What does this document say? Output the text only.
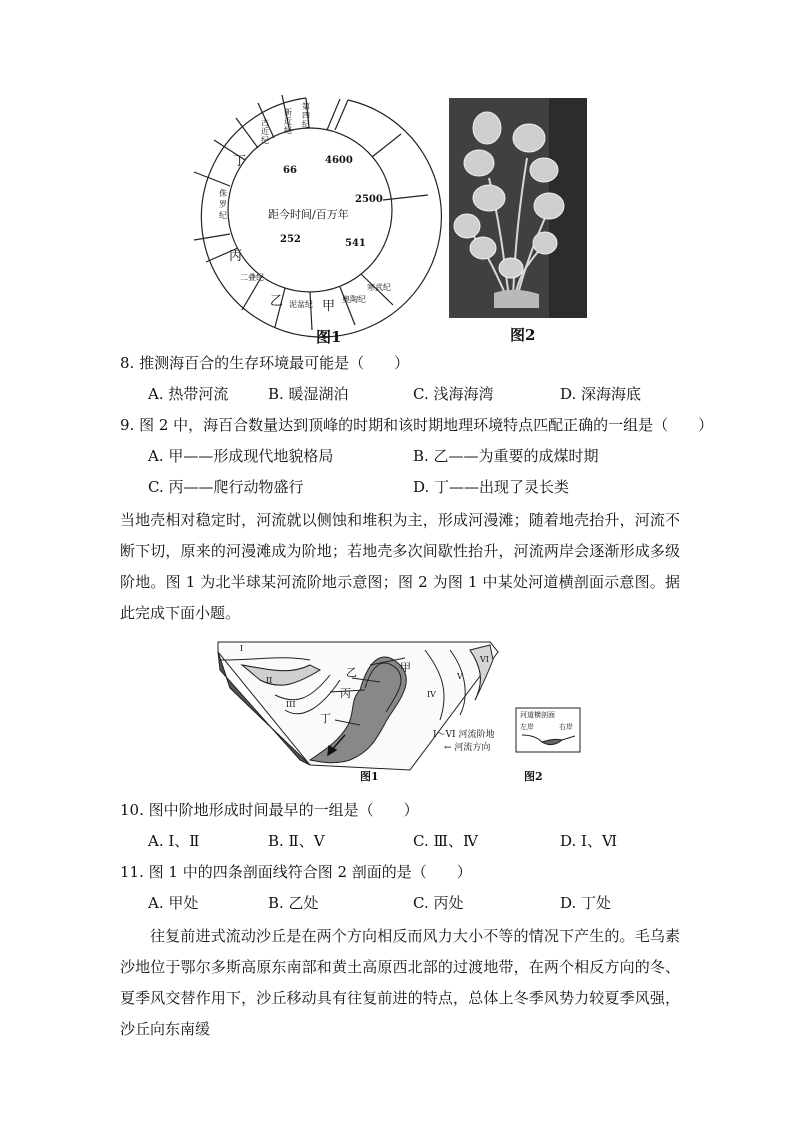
4600
2500
541
252
66
距今时间/百万年
第四纪
新近纪
古近纪
丁
侏罗纪
丙
二叠纪
乙 泥盆纪 甲 奥陶纪
寒武纪
图1	图2
8. 推测海百合的生存环境最可能是（　　）
A. 热带河流	B. 暖湿湖泊	C. 浅海海湾	D. 深海海底
9. 图 2 中，海百合数量达到顶峰的时期和该时期地理环境特点匹配正确的一组是（　　）
A. 甲——形成现代地貌格局	B. 乙——为重要的成煤时期
C. 丙——爬行动物盛行	D. 丁——出现了灵长类

当地壳相对稳定时，河流就以侧蚀和堆积为主，形成河漫滩；随着地壳抬升，河流不断下切，原来的河漫滩成为阶地；若地壳多次间歇性抬升，河流两岸会逐渐形成多级阶地。图 1 为北半球某河流阶地示意图；图 2 为图 1 中某处河道横剖面示意图。据此完成下面小题。

I
II
III
IV
V
VI
甲
乙
丙
丁
I～VI 河流阶地
← 河流方向
河道横剖面
左岸	右岸
图1	图2
10. 图中阶地形成时间最早的一组是（　　）
A. Ⅰ、Ⅱ	B. Ⅱ、Ⅴ	C. Ⅲ、Ⅳ	D. Ⅰ、Ⅵ
11. 图 1 中的四条剖面线符合图 2 剖面的是（　　）
A. 甲处	B. 乙处	C. 丙处	D. 丁处

往复前进式流动沙丘是在两个方向相反而风力大小不等的情况下产生的。毛乌素沙地位于鄂尔多斯高原东南部和黄土高原西北部的过渡地带，在两个相反方向的冬、夏季风交替作用下，沙丘移动具有往复前进的特点，总体上冬季风势力较夏季风强，沙丘向东南缓
